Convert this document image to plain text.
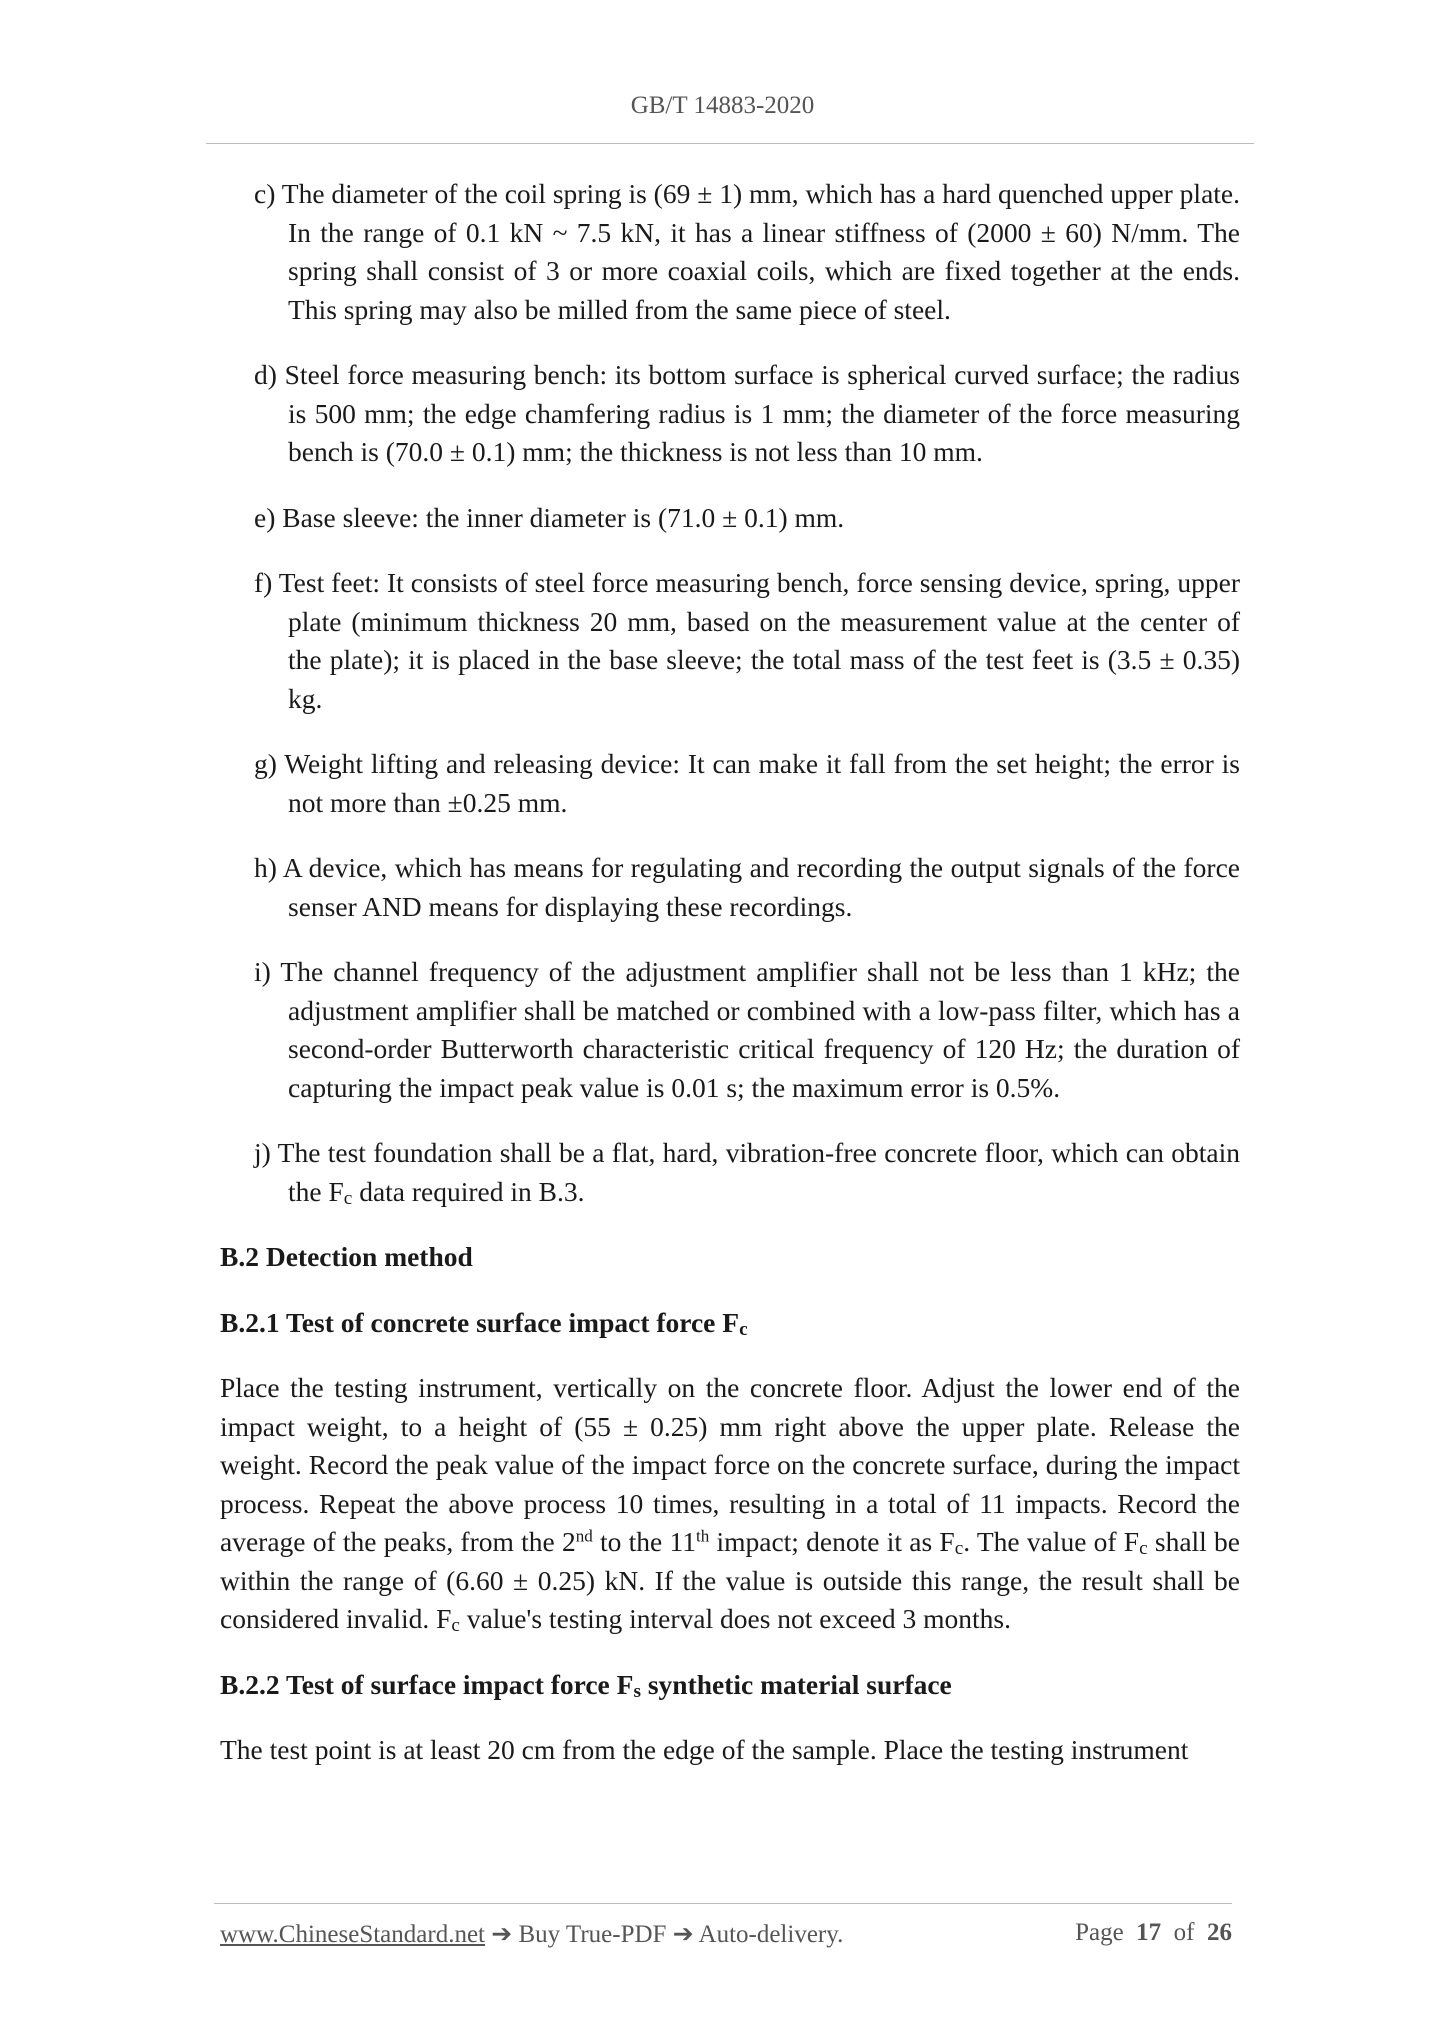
GB/T 14883-2020

c) The diameter of the coil spring is (69 ± 1) mm, which has a hard quenched upper plate. In the range of 0.1 kN ~ 7.5 kN, it has a linear stiffness of (2000 ± 60) N/mm. The spring shall consist of 3 or more coaxial coils, which are fixed together at the ends. This spring may also be milled from the same piece of steel.

d) Steel force measuring bench: its bottom surface is spherical curved surface; the radius is 500 mm; the edge chamfering radius is 1 mm; the diameter of the force measuring bench is (70.0 ± 0.1) mm; the thickness is not less than 10 mm.

e) Base sleeve: the inner diameter is (71.0 ± 0.1) mm.

f) Test feet: It consists of steel force measuring bench, force sensing device, spring, upper plate (minimum thickness 20 mm, based on the measurement value at the center of the plate); it is placed in the base sleeve; the total mass of the test feet is (3.5 ± 0.35) kg.

g) Weight lifting and releasing device: It can make it fall from the set height; the error is not more than ±0.25 mm.

h) A device, which has means for regulating and recording the output signals of the force senser AND means for displaying these recordings.

i) The channel frequency of the adjustment amplifier shall not be less than 1 kHz; the adjustment amplifier shall be matched or combined with a low-pass filter, which has a second-order Butterworth characteristic critical frequency of 120 Hz; the duration of capturing the impact peak value is 0.01 s; the maximum error is 0.5%.

j) The test foundation shall be a flat, hard, vibration-free concrete floor, which can obtain the $F_c$ data required in B.3.

B.2 Detection method

B.2.1 Test of concrete surface impact force $F_c$

Place the testing instrument, vertically on the concrete floor. Adjust the lower end of the impact weight, to a height of (55 ± 0.25) mm right above the upper plate. Release the weight. Record the peak value of the impact force on the concrete surface, during the impact process. Repeat the above process 10 times, resulting in a total of 11 impacts. Record the average of the peaks, from the 2nd to the 11th impact; denote it as $F_c$. The value of $F_c$ shall be within the range of (6.60 ± 0.25) kN. If the value is outside this range, the result shall be considered invalid. $F_c$ value's testing interval does not exceed 3 months.

B.2.2 Test of surface impact force $F_s$ synthetic material surface

The test point is at least 20 cm from the edge of the sample. Place the testing instrument

www.ChineseStandard.net ➔ Buy True-PDF ➔ Auto-delivery.	Page 17 of 26
